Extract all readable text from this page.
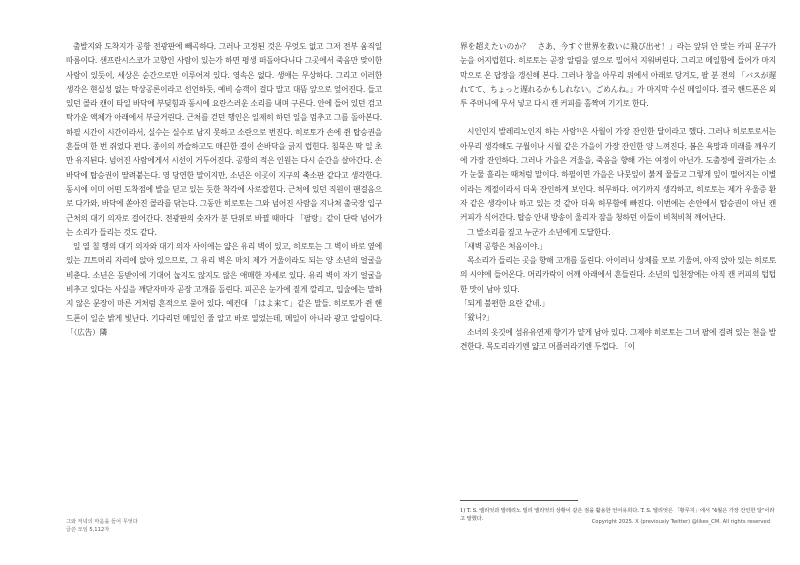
출발지와 도착지가 공항 전광판에 빼곡하다. 그러나 고정된 것은 무엇도 없고 그저 전부 움직일 따름이다. 샌프란시스코가 고향인 사람이 있는가 하면 평생 떠돌아다니다 그곳에서 죽음만 맞이한 사람이 있듯이, 세상은 순간으로만 이루어져 있다. 영속은 없다. 생애는 무상하다. 그리고 이러한 생각은 현실성 없는 탁상공론이라고 선언하듯, 예비 승객이 걸다 말고 대뜸 앞으로 엎어진다. 들고 있던 콜라 캔이 타일 바닥에 부딪힘과 동시에 요란스러운 소리를 내며 구른다. 안에 들어 있던 검고 탁가운 액체가 아래에서 부글거린다. 근처를 걷던 행인은 일제히 하던 일을 멈추고 그를 돌아본다. 하필 시간이 시간이라서, 실수는 실수로 남지 못하고 소란으로 번진다. 히로토가 손에 쥔 탑승권을 흔들며 한 번 쥐었다 펀다. 종이의 까슬하고도 매끈한 결이 손바닥을 긁지 럽힌다. 침묵은 딱 일 초만 유지된다. 넘어진 사람에게서 시선이 거두어진다. 공항의 적은 인원는 다시 순간을 살아간다. 손바닥에 탑승권이 딸려붙는다. 영 당연한 말이지만, 소년은 이곳이 지구의 축소판 같다고 생각한다. 동시에 이미 어떤 도착점에 발을 딛고 있는 듯한 착각에 사로잡힌다. 근처에 있던 직원이 팬걸음으로 다가와, 바닥에 쏟아진 콜라를 닦는다. 그동안 히로토는 그와 넘어진 사람을 지나쳐 출국장 입구 근처의 대기 의자로 걸어간다. 전광판의 숫자가 분 단위로 바뀔 때마다 「팔랑」같이 단락 넘어가는 소리가 들리는 것도 같다.

일 열 칠 행의 대기 의자와 대기 의자 사이에는 얇은 유리 벽이 있고, 히로토는 그 벽이 바로 옆에 있는 끄트머리 자리에 앉아 있으므로, 그 유리 벽은 마치 제가 거울이라도 되는 양 소년의 얼굴을 비춘다. 소년은 등받이에 기대어 눕지도 않지도 않은 애매한 자세로 있다. 유리 벽이 자기 얼굴을 비추고 있다는 사실을 깨닫자마자 곧장 고개를 돌린다. 피곤은 눈가에 짙게 깔리고, 입술에는 말하지 않은 문장이 마른 거처럼 흔적으로 묻어 있다. 예컨대 「はよ来て」같은 말들. 히로토가 쥔 핸드폰이 일순 밝게 빛난다. 기다리던 메일인 줄 알고 바로 열었는데, 메일이 아니라 광고 알림이다. 「（広告）隣

界を超えたいのか？　さあ、今すぐ世界を救いに飛び出せ！」라는 앞뒤 안 맞는 카피 문구가 눈을 어지럽힌다. 히로토는 곧장 알림을 옆으로 밀어서 지워버린다. 그리고 메일함에 들어가 마지막으로 온 답장을 갱신해 본다. 그러나 창을 아무리 위에서 아래로 당겨도, 팔 분 전의 「バスが遅れてて、ちょっと遅れるかもしれない。ごめんね。」가 마지막 수신 메일이다. 결국 핸드폰은 외투 주머니에 무서 넣고 다시 캔 커피를 홀짝여 기기로 한다.

시인인지 발레리노인지 하는 사람¹⁾은 사월이 가장 잔인한 달이라고 했다. 그러나 히로토로서는 아무리 생각해도 구월이나 시월 같은 가을이 가장 잔인한 양 느껴진다. 봄은 욕망과 미래를 깨우기에 가장 잔인하다. 그러나 가을은 겨울을, 죽음을 향해 가는 여정이 아닌가. 도출정에 끌려가는 소가 눈물 흘리는 때처럼 말이다. 하필이면 가을은 나뭇잎이 붉게 물들고 그렇게 잎이 떨어지는 이별이라는 계절이라서 더욱 잔인하게 보인다. 허무하다. 여기까지 생각하고, 히로토는 제가 우울증 환자 같은 생각이나 하고 있는 것 같아 더욱 허무함에 빠진다. 이번에는 손안에서 탑승권이 아닌 캔 커피가 식어간다. 탑승 안내 방송이 울리자 잠을 청하던 이들이 비척비척 깨어난다.

그 발소리를 짚고 누군가 소년에게 도달한다.

「새벽 공항은 처음이야.」

목소리가 들리는 곳을 향해 고개를 돌린다. 아이러니 상체를 모로 기울여, 아직 앉아 있는 히로토의 시야에 들어온다. 머리카락이 어깨 아래에서 흔들린다. 소년의 입천장에는 아직 캔 커피의 텁텁한 맛이 남아 있다.

「되게 불편한 요란 같네.」

「왔니?」

소녀의 옷깃에 섬유유연제 향기가 얕게 남아 있다. 그제야 히로토는 그녀 팔에 걸려 있는 천을 발견한다. 목도리라기엔 얇고 머플러라기엔 두껍다. 「이

1) T. S. 엘리엇과 발레리노 빌리 엘리엇의 상황이 같은 점을 활용한 언어유희다. T. S. 엘리엇은 「황무지」에서 "4월은 가장 잔인한 달"이라고 말했다.

그와 저녁의 마음을 들어 무엇다
글쓴 모임 5,112자
Copyright 2025. X (previously Twitter) @likes_CM. All rights reserved
